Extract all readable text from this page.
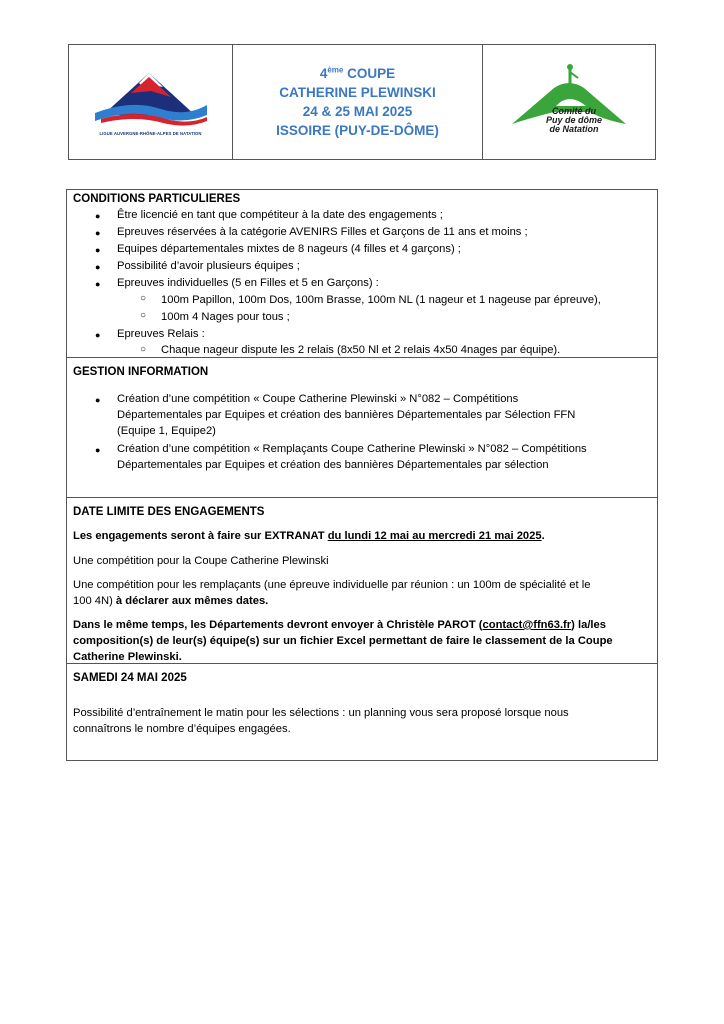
LIGUE AUVERGNE-RHÔNE-ALPES DE NATATION
4ème COUPE
CATHERINE PLEWINSKI
24 & 25 MAI 2025
ISSOIRE (PUY-DE-DÔME)
Comité du
Puy de dôme
de Natation
CONDITIONS PARTICULIERES
● Être licencié en tant que compétiteur à la date des engagements ;
● Epreuves réservées à la catégorie AVENIRS Filles et Garçons de 11 ans et moins ;
● Equipes départementales mixtes de 8 nageurs (4 filles et 4 garçons) ;
● Possibilité d’avoir plusieurs équipes ;
● Epreuves individuelles (5 en Filles et 5 en Garçons) :
○ 100m Papillon, 100m Dos, 100m Brasse, 100m NL (1 nageur et 1 nageuse par épreuve),
○ 100m 4 Nages pour tous ;
● Epreuves Relais :
○ Chaque nageur dispute les 2 relais (8x50 Nl et 2 relais 4x50 4nages par équipe).
GESTION INFORMATION
● Création d’une compétition « Coupe Catherine Plewinski » N°082 – Compétitions
Départementales par Equipes et création des bannières Départementales par Sélection FFN
(Equipe 1, Equipe2)
● Création d’une compétition « Remplaçants Coupe Catherine Plewinski » N°082 – Compétitions
Départementales par Equipes et création des bannières Départementales par sélection
DATE LIMITE DES ENGAGEMENTS
Les engagements seront à faire sur EXTRANAT du lundi 12 mai au mercredi 21 mai 2025.
Une compétition pour la Coupe Catherine Plewinski
Une compétition pour les remplaçants (une épreuve individuelle par réunion : un 100m de spécialité et le
100 4N) à déclarer aux mêmes dates.
Dans le même temps, les Départements devront envoyer à Christèle PAROT (contact@ffn63.fr) la/les
composition(s) de leur(s) équipe(s) sur un fichier Excel permettant de faire le classement de la Coupe
Catherine Plewinski.
SAMEDI 24 MAI 2025
Possibilité d’entraînement le matin pour les sélections : un planning vous sera proposé lorsque nous
connaîtrons le nombre d’équipes engagées.
